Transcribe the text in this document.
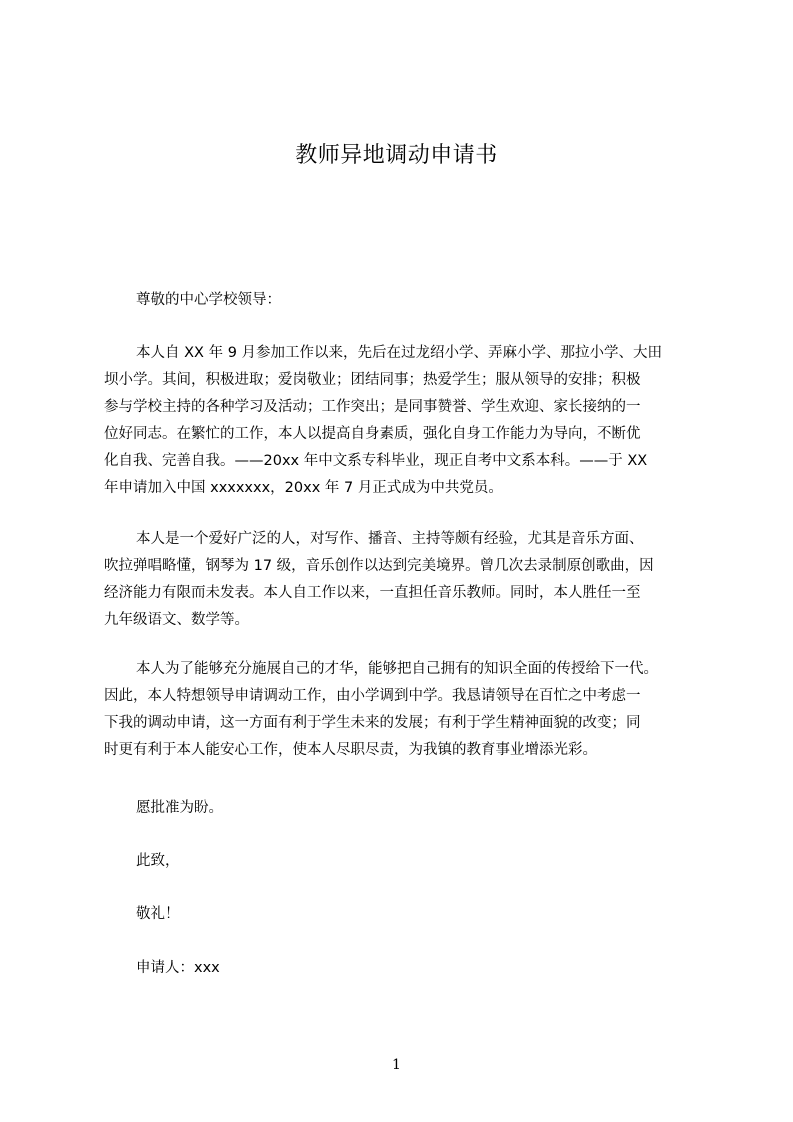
教师异地调动申请书
尊敬的中心学校领导：
本人自 XX 年 9 月参加工作以来，先后在过龙绍小学、弄麻小学、那拉小学、大田
坝小学。其间，积极进取；爱岗敬业；团结同事；热爱学生；服从领导的安排；积极
参与学校主持的各种学习及活动；工作突出；是同事赞誉、学生欢迎、家长接纳的一
位好同志。在繁忙的工作，本人以提高自身素质，强化自身工作能力为导向，不断优
化自我、完善自我。——20xx 年中文系专科毕业，现正自考中文系本科。——于 XX
年申请加入中国 xxxxxxx，20xx 年 7 月正式成为中共党员。
本人是一个爱好广泛的人，对写作、播音、主持等颇有经验，尤其是音乐方面、
吹拉弹唱略懂，钢琴为 17 级，音乐创作以达到完美境界。曾几次去录制原创歌曲，因
经济能力有限而未发表。本人自工作以来，一直担任音乐教师。同时，本人胜任一至
九年级语文、数学等。
本人为了能够充分施展自己的才华，能够把自己拥有的知识全面的传授给下一代。
因此，本人特想领导申请调动工作，由小学调到中学。我恳请领导在百忙之中考虑一
下我的调动申请，这一方面有利于学生未来的发展；有利于学生精神面貌的改变；同
时更有利于本人能安心工作，使本人尽职尽责，为我镇的教育事业增添光彩。
愿批准为盼。
此致，
敬礼！
申请人：xxx
1
